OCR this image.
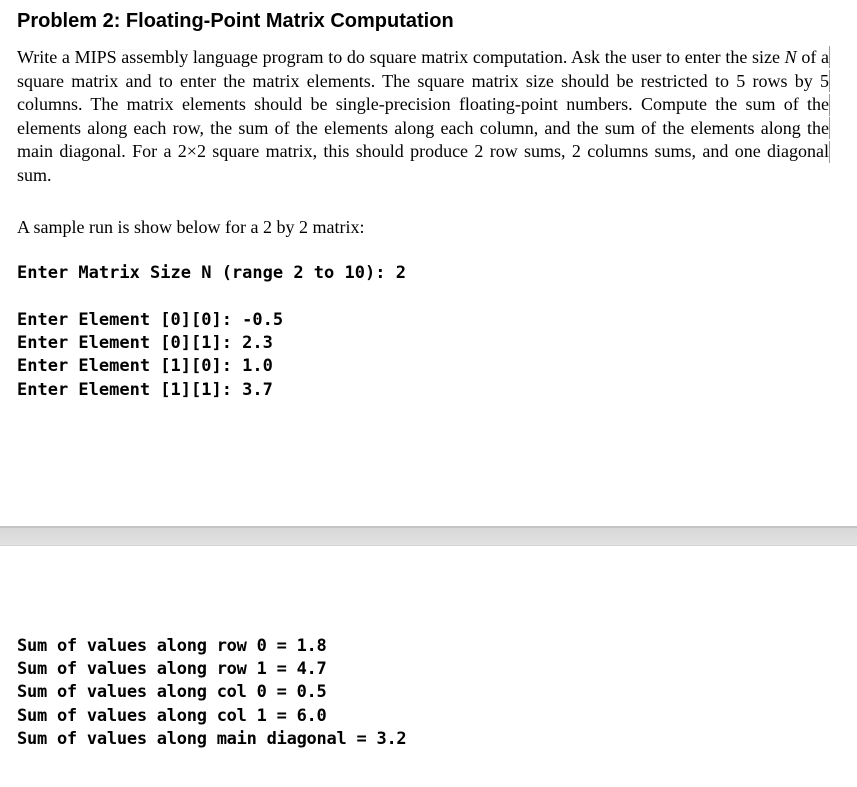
Problem 2: Floating-Point Matrix Computation
Write a MIPS assembly language program to do square matrix computation. Ask the user to enter the size N of a square matrix and to enter the matrix elements. The square matrix size should be restricted to 5 rows by 5 columns. The matrix elements should be single-precision floating-point numbers. Compute the sum of the elements along each row, the sum of the elements along each column, and the sum of the elements along the main diagonal. For a 2×2 square matrix, this should produce 2 row sums, 2 columns sums, and one diagonal sum.

A sample run is show below for a 2 by 2 matrix:

Enter Matrix Size N (range 2 to 10): 2
Enter Element [0][0]: -0.5
Enter Element [0][1]: 2.3
Enter Element [1][0]: 1.0
Enter Element [1][1]: 3.7
Sum of values along row 0 = 1.8
Sum of values along row 1 = 4.7
Sum of values along col 0 = 0.5
Sum of values along col 1 = 6.0
Sum of values along main diagonal = 3.2
